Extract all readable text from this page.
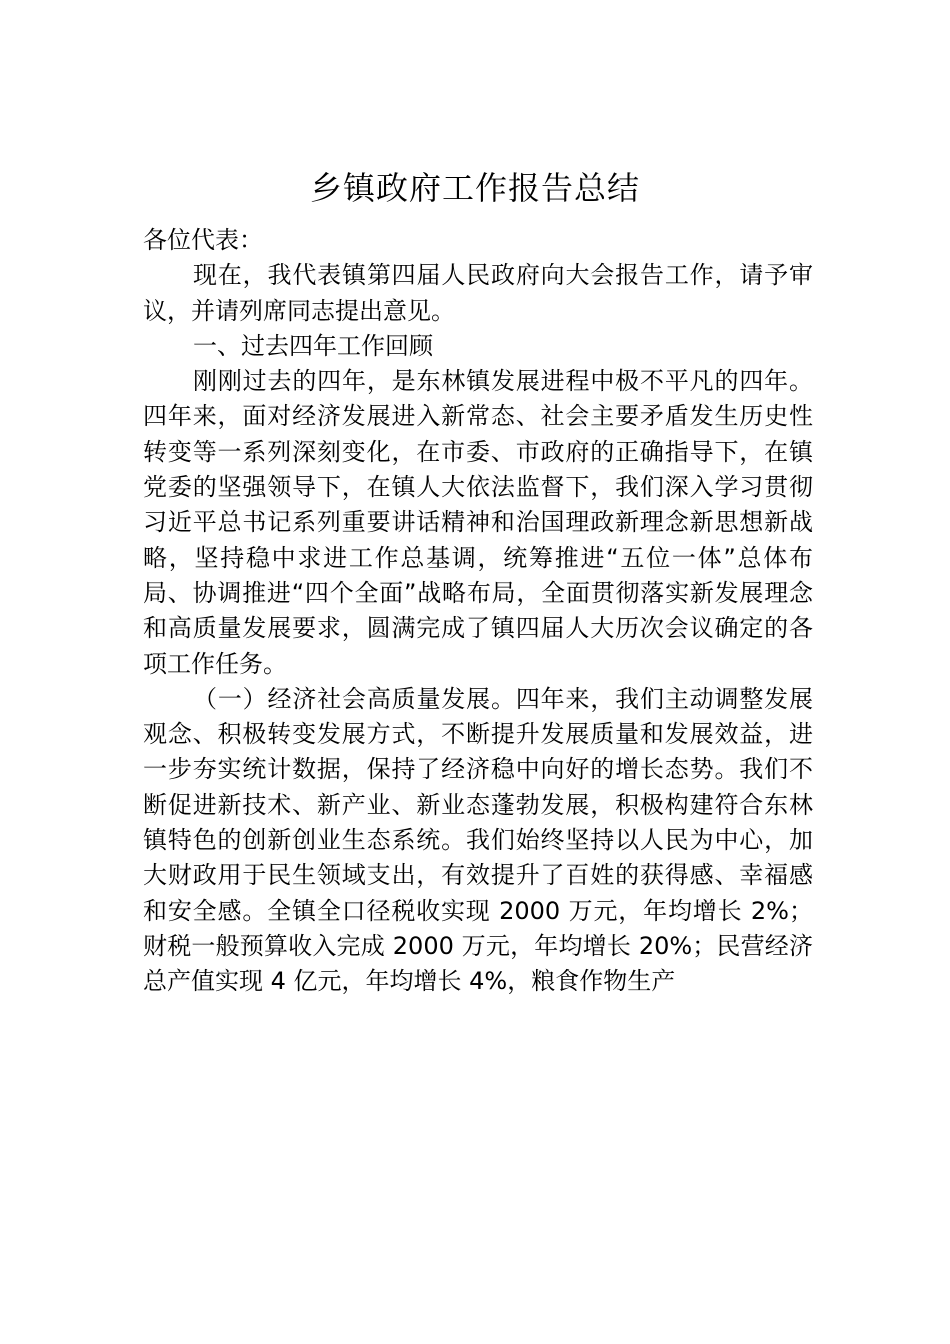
乡镇政府工作报告总结

各位代表：

现在，我代表镇第四届人民政府向大会报告工作，请予审议，并请列席同志提出意见。

一、过去四年工作回顾

刚刚过去的四年，是东林镇发展进程中极不平凡的四年。四年来，面对经济发展进入新常态、社会主要矛盾发生历史性转变等一系列深刻变化，在市委、市政府的正确指导下，在镇党委的坚强领导下，在镇人大依法监督下，我们深入学习贯彻习近平总书记系列重要讲话精神和治国理政新理念新思想新战略，坚持稳中求进工作总基调，统筹推进“五位一体”总体布局、协调推进“四个全面”战略布局，全面贯彻落实新发展理念和高质量发展要求，圆满完成了镇四届人大历次会议确定的各项工作任务。

（一）经济社会高质量发展。四年来，我们主动调整发展观念、积极转变发展方式，不断提升发展质量和发展效益，进一步夯实统计数据，保持了经济稳中向好的增长态势。我们不断促进新技术、新产业、新业态蓬勃发展，积极构建符合东林镇特色的创新创业生态系统。我们始终坚持以人民为中心，加大财政用于民生领域支出，有效提升了百姓的获得感、幸福感和安全感。全镇全口径税收实现 2000 万元，年均增长 2%；财税一般预算收入完成 2000 万元，年均增长 20%；民营经济总产值实现 4 亿元，年均增长 4%，粮食作物生产
